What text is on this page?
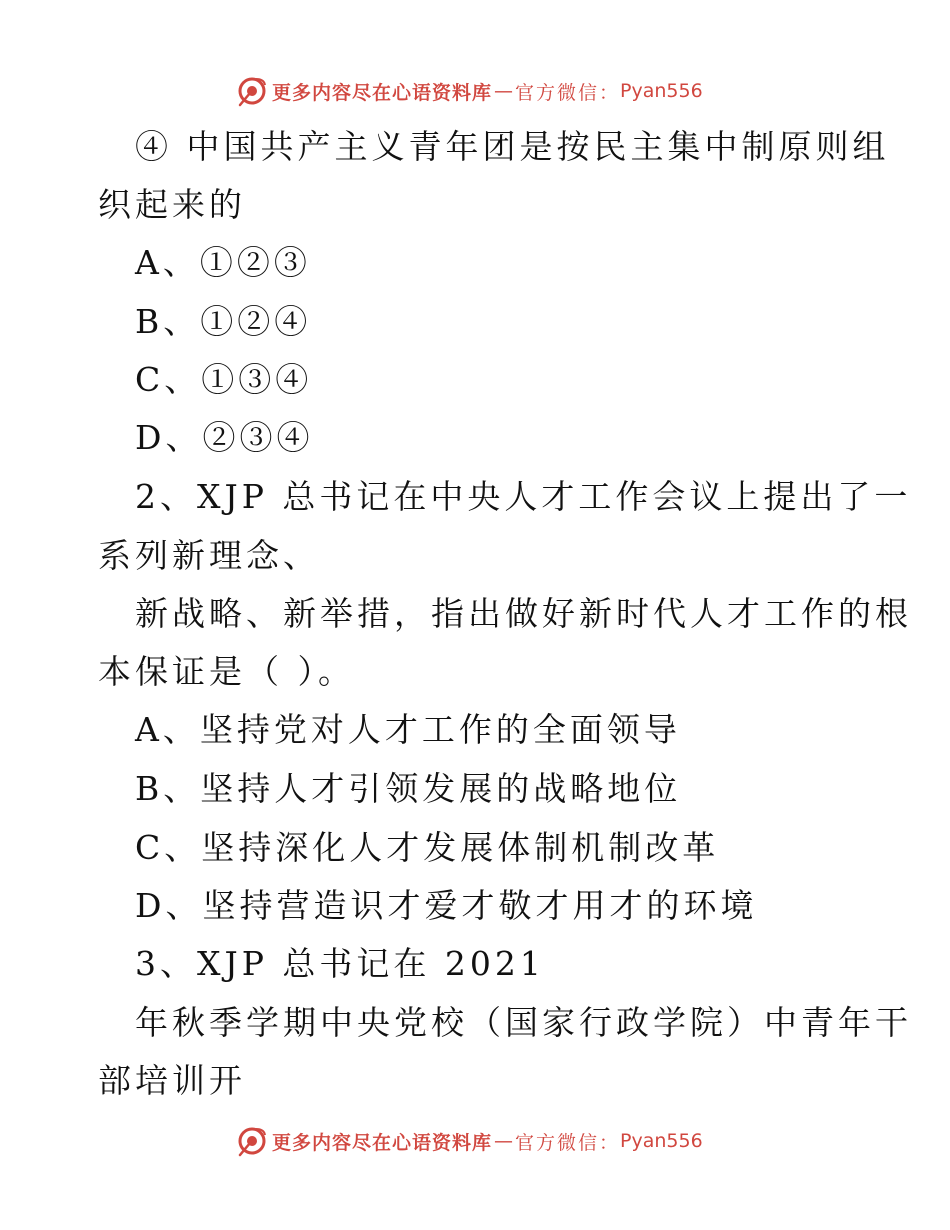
更多内容尽在心语资料库 — 官方微信： Pyan556
④ 中国共产主义青年团是按民主集中制原则组
织起来的
A、①②③
B、①②④
C、①③④
D、②③④
2、XJP 总书记在中央人才工作会议上提出了一
系列新理念、
新战略、新举措，指出做好新时代人才工作的根
本保证是（ ）。
A、坚持党对人才工作的全面领导
B、坚持人才引领发展的战略地位
C、坚持深化人才发展体制机制改革
D、坚持营造识才爱才敬才用才的环境
3、XJP 总书记在 2021
年秋季学期中央党校（国家行政学院）中青年干
部培训开
更多内容尽在心语资料库 — 官方微信： Pyan556
